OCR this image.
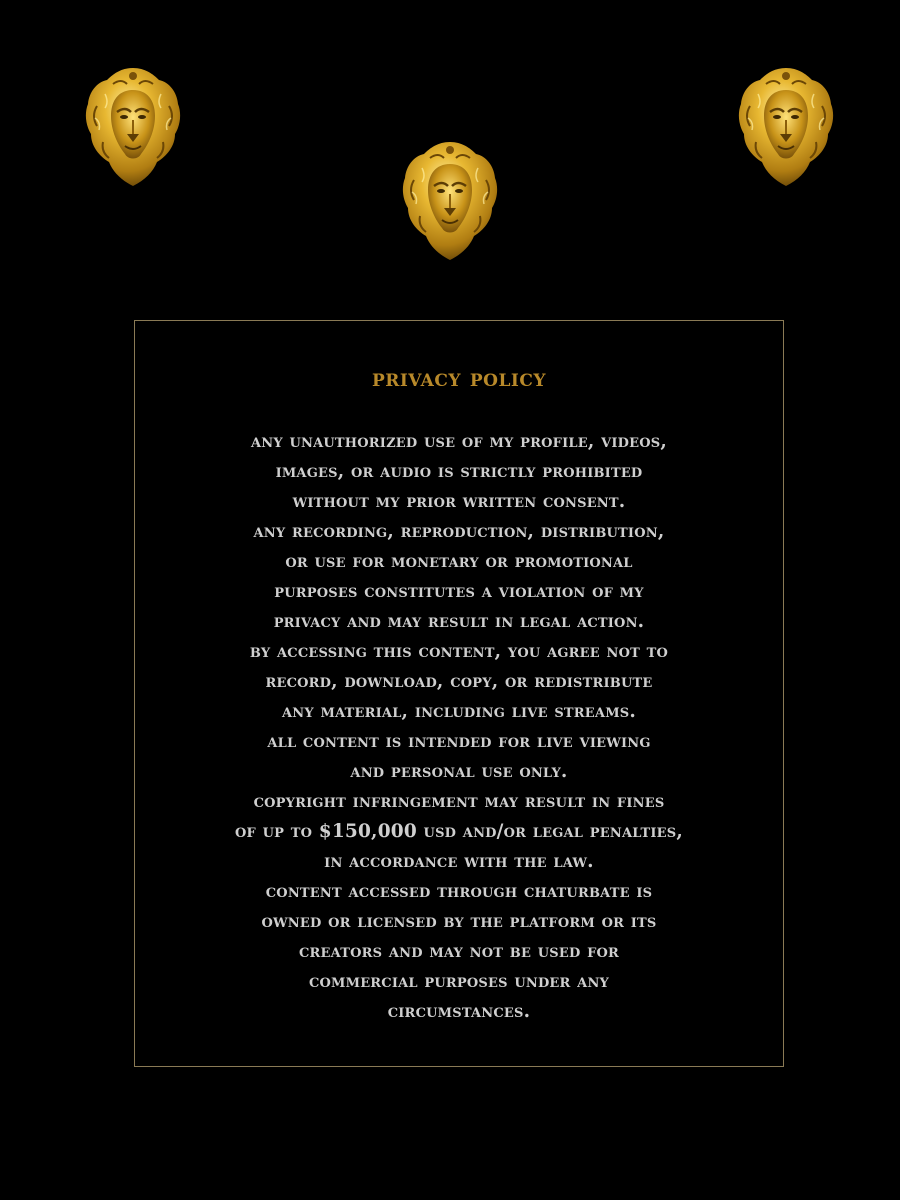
privacy policy
any unauthorized use of my profile, videos,
images, or audio is strictly prohibited
without my prior written consent.
any recording, reproduction, distribution,
or use for monetary or promotional
purposes constitutes a violation of my
privacy and may result in legal action.
by accessing this content, you agree not to
record, download, copy, or redistribute
any material, including live streams.
all content is intended for live viewing
and personal use only.
copyright infringement may result in fines
of up to $150,000 usd and/or legal penalties,
in accordance with the law.
content accessed through chaturbate is
owned or licensed by the platform or its
creators and may not be used for
commercial purposes under any
circumstances.
